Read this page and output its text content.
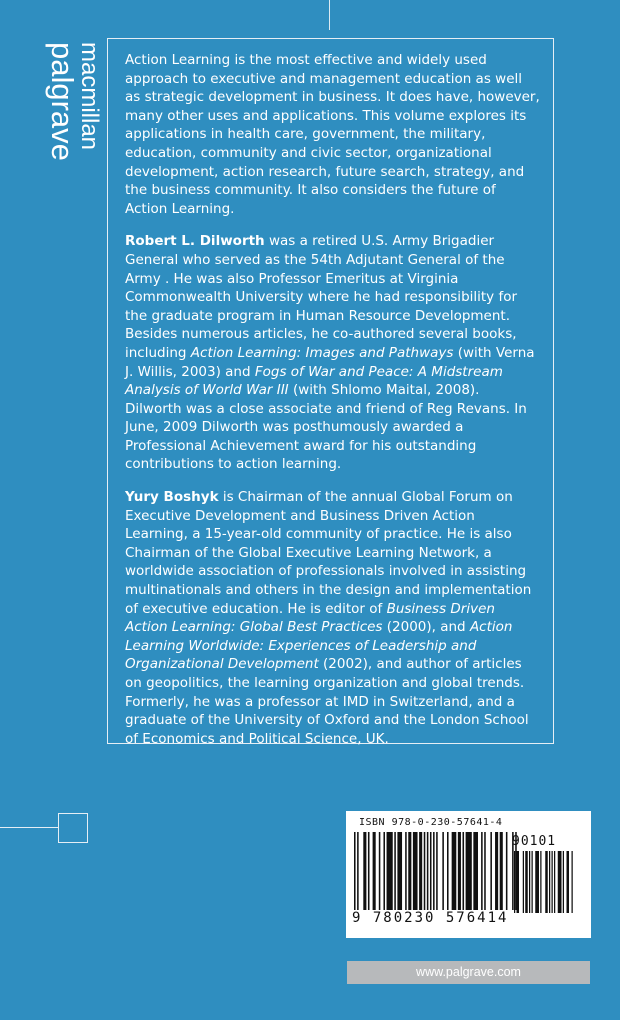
palgrave
macmillan Action Learning is the most effective and widely used approach to executive and management education as well as strategic development in business. It does have, however, many other uses and applications. This volume explores its applications in health care, government, the military, education, community and civic sector, organizational development, action research, future search, strategy, and the business community. It also considers the future of Action Learning.

Robert L. Dilworth was a retired U.S. Army Brigadier General who served as the 54th Adjutant General of the Army . He was also Professor Emeritus at Virginia Commonwealth University where he had responsibility for the graduate program in Human Resource Development. Besides numerous articles, he co-authored several books, including Action Learning: Images and Pathways (with Verna J. Willis, 2003) and Fogs of War and Peace: A Midstream Analysis of World War III (with Shlomo Maital, 2008). Dilworth was a close associate and friend of Reg Revans. In June, 2009 Dilworth was posthumously awarded a Professional Achievement award for his outstanding contributions to action learning.

Yury Boshyk is Chairman of the annual Global Forum on Executive Development and Business Driven Action Learning, a 15-year-old community of practice. He is also Chairman of the Global Executive Learning Network, a worldwide association of professionals involved in assisting multinationals and others in the design and implementation of executive education. He is editor of Business Driven Action Learning: Global Best Practices (2000), and Action Learning Worldwide: Experiences of Leadership and Organizational Development (2002), and author of articles on geopolitics, the learning organization and global trends. Formerly, he was a professor at IMD in Switzerland, and a graduate of the University of Oxford and the London School of Economics and Political Science, UK.

ISBN 978-0-230-57641-4
90101
9 780230 576414
www.palgrave.com
